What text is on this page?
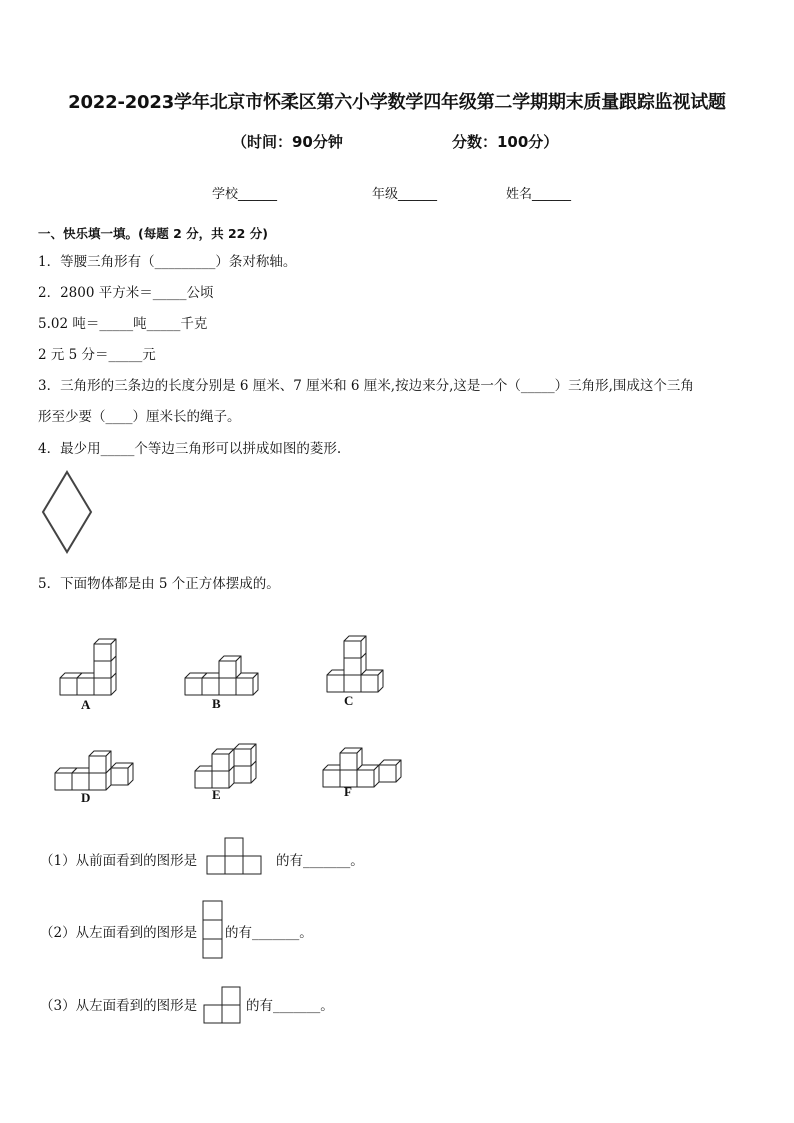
2022-2023学年北京市怀柔区第六小学数学四年级第二学期期末质量跟踪监视试题
（时间：90分钟	分数：100分）
学校______	年级______	姓名______
一、快乐填一填。(每题 2 分，共 22 分)
1．等腰三角形有（_________）条对称轴。
2．2800 平方米＝_____公顷
5.02 吨＝_____吨_____千克
2 元 5 分＝_____元
3．三角形的三条边的长度分别是 6 厘米、7 厘米和 6 厘米,按边来分,这是一个（_____）三角形,围成这个三角
形至少要（____）厘米长的绳子。
4．最少用_____个等边三角形可以拼成如图的菱形.
5．下面物体都是由 5 个正方体摆成的。
A	B	C
D	E	F
（1）从前面看到的图形是	的有_______。
（2）从左面看到的图形是 的有_______。
（3）从左面看到的图形是	的有_______。
